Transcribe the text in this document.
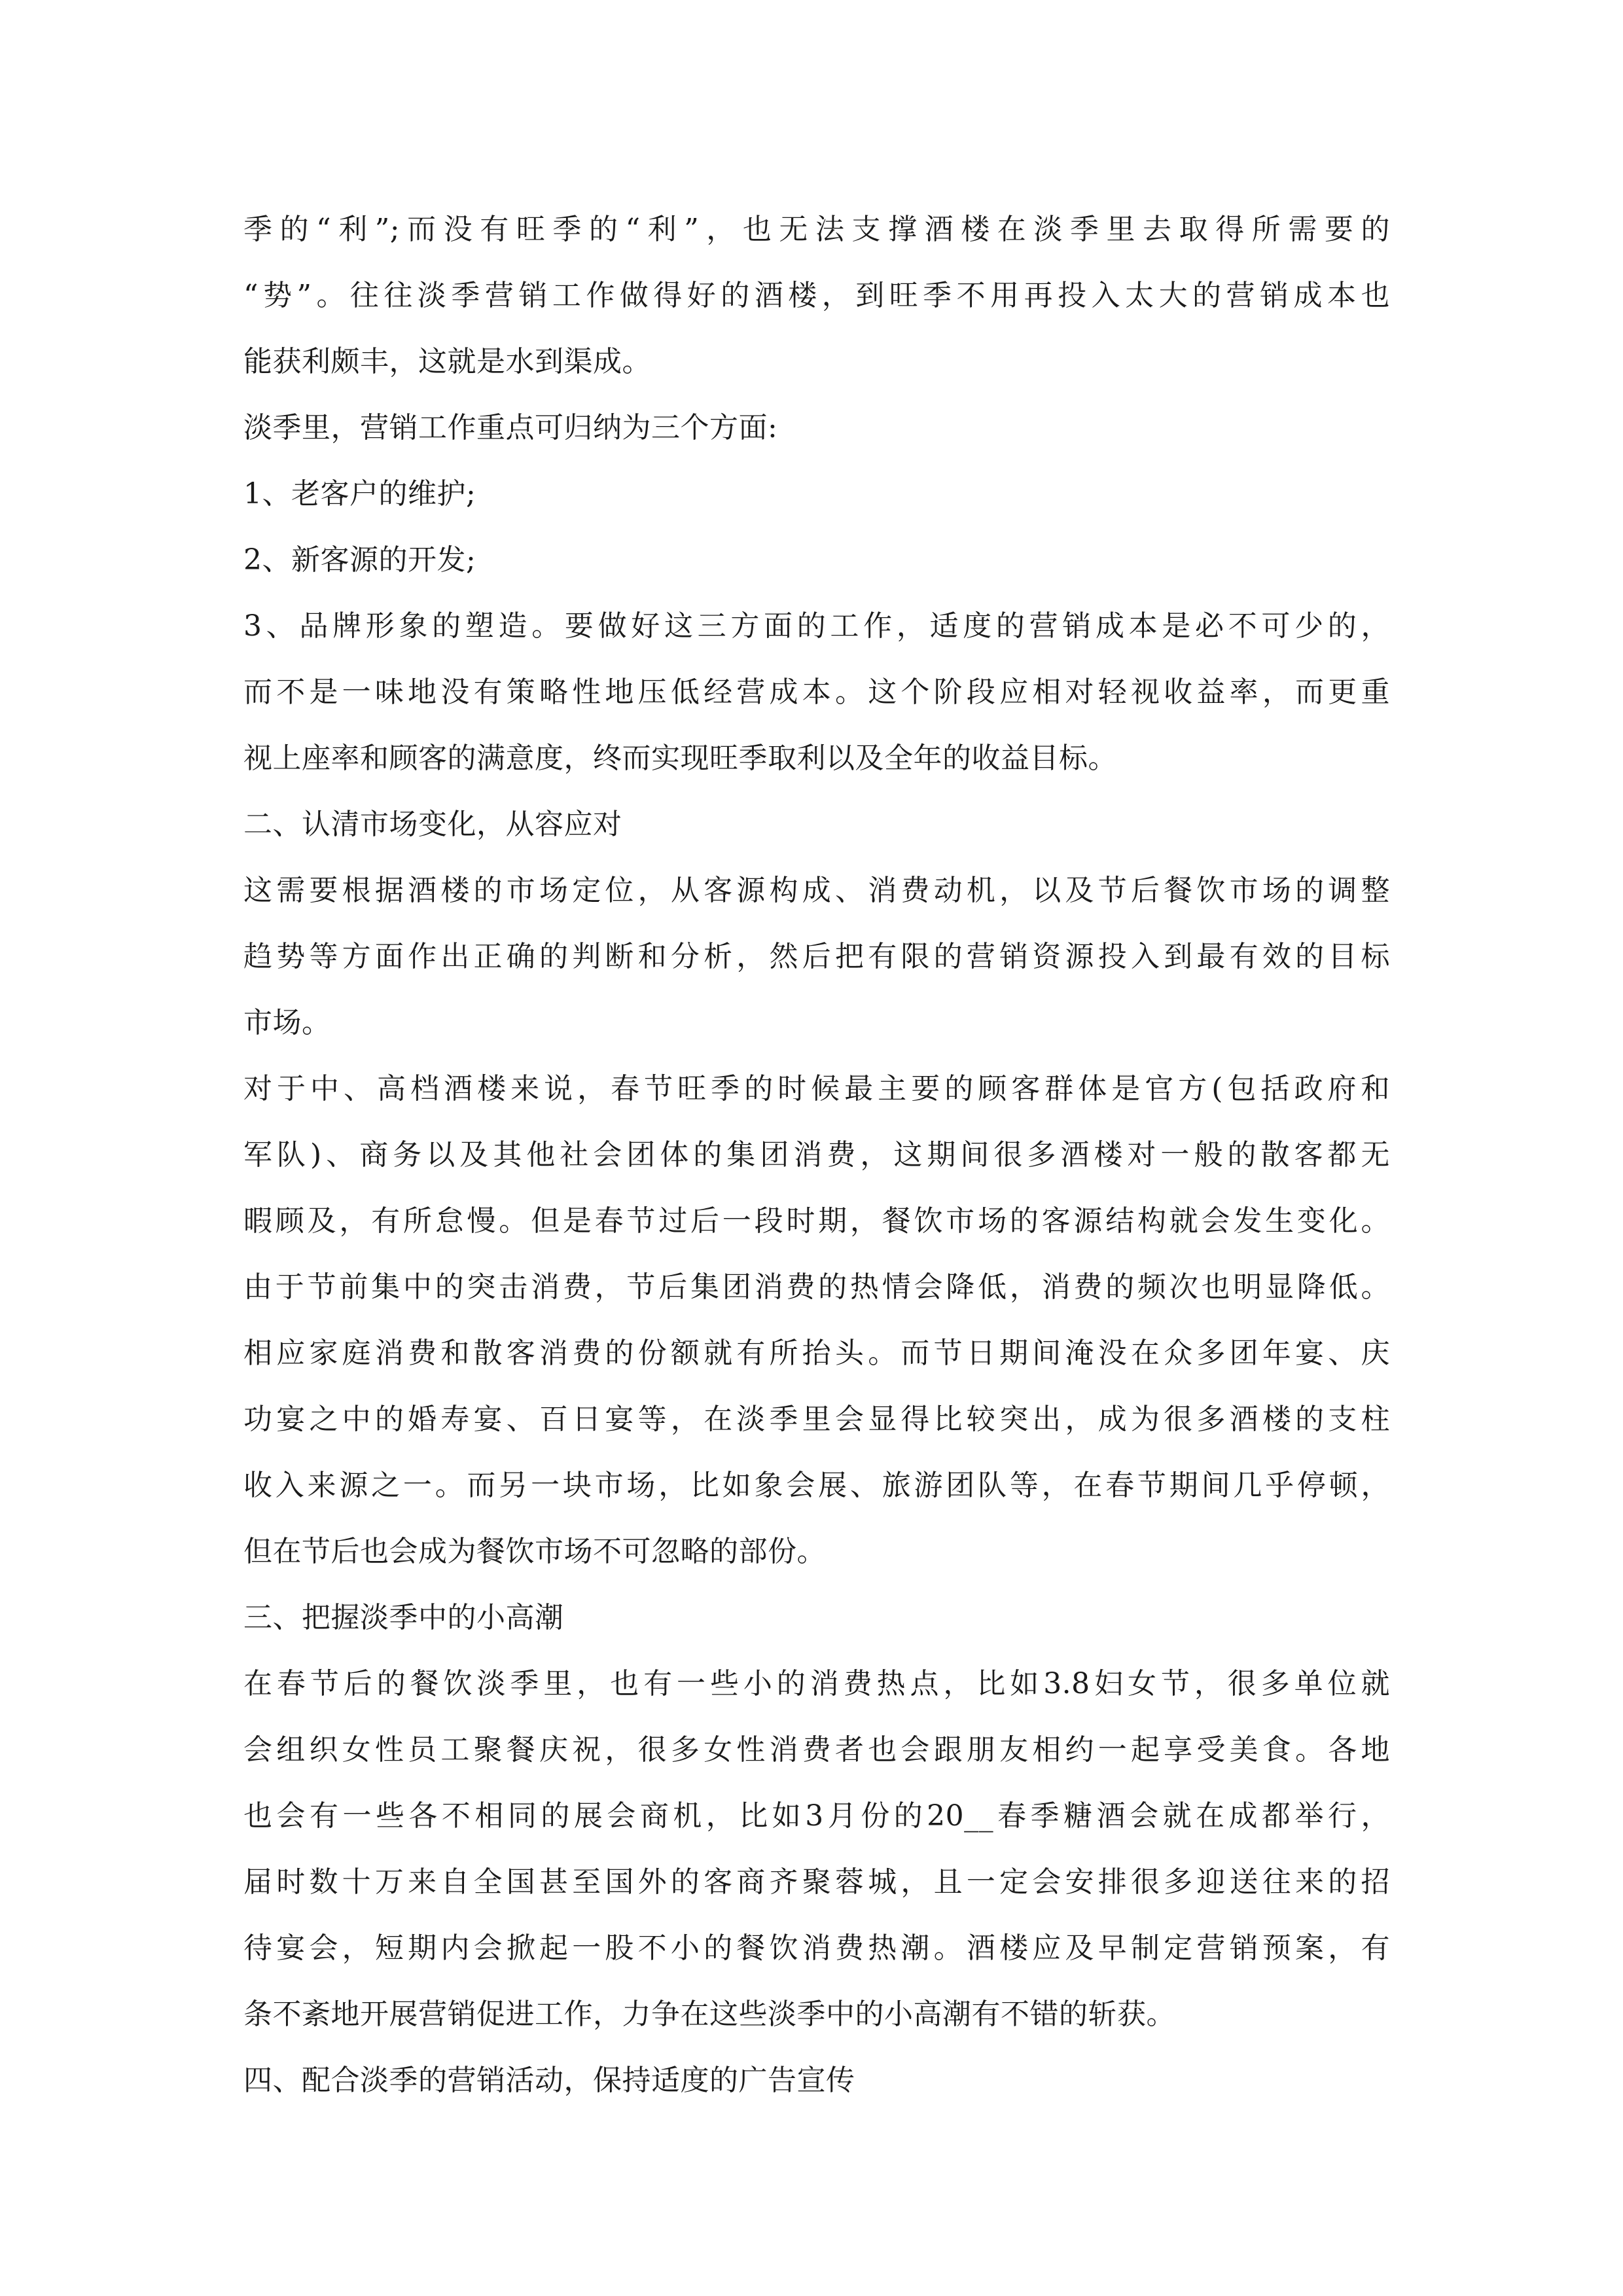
季的“利”;而没有旺季的“利”，也无法支撑酒楼在淡季里去取得所需要的
“势”。往往淡季营销工作做得好的酒楼，到旺季不用再投入太大的营销成本也
能获利颇丰，这就是水到渠成。
淡季里，营销工作重点可归纳为三个方面:
1、老客户的维护;
2、新客源的开发;
3、品牌形象的塑造。要做好这三方面的工作，适度的营销成本是必不可少的，
而不是一味地没有策略性地压低经营成本。这个阶段应相对轻视收益率，而更重
视上座率和顾客的满意度，终而实现旺季取利以及全年的收益目标。
二、认清市场变化，从容应对
这需要根据酒楼的市场定位，从客源构成、消费动机，以及节后餐饮市场的调整
趋势等方面作出正确的判断和分析，然后把有限的营销资源投入到最有效的目标
市场。
对于中、高档酒楼来说，春节旺季的时候最主要的顾客群体是官方(包括政府和
军队)、商务以及其他社会团体的集团消费，这期间很多酒楼对一般的散客都无
暇顾及，有所怠慢。但是春节过后一段时期，餐饮市场的客源结构就会发生变化。
由于节前集中的突击消费，节后集团消费的热情会降低，消费的频次也明显降低。
相应家庭消费和散客消费的份额就有所抬头。而节日期间淹没在众多团年宴、庆
功宴之中的婚寿宴、百日宴等，在淡季里会显得比较突出，成为很多酒楼的支柱
收入来源之一。而另一块市场，比如象会展、旅游团队等，在春节期间几乎停顿，
但在节后也会成为餐饮市场不可忽略的部份。
三、把握淡季中的小高潮
在春节后的餐饮淡季里，也有一些小的消费热点，比如3.8妇女节，很多单位就
会组织女性员工聚餐庆祝，很多女性消费者也会跟朋友相约一起享受美食。各地
也会有一些各不相同的展会商机，比如3月份的20__春季糖酒会就在成都举行，
届时数十万来自全国甚至国外的客商齐聚蓉城，且一定会安排很多迎送往来的招
待宴会，短期内会掀起一股不小的餐饮消费热潮。酒楼应及早制定营销预案，有
条不紊地开展营销促进工作，力争在这些淡季中的小高潮有不错的斩获。
四、配合淡季的营销活动，保持适度的广告宣传
